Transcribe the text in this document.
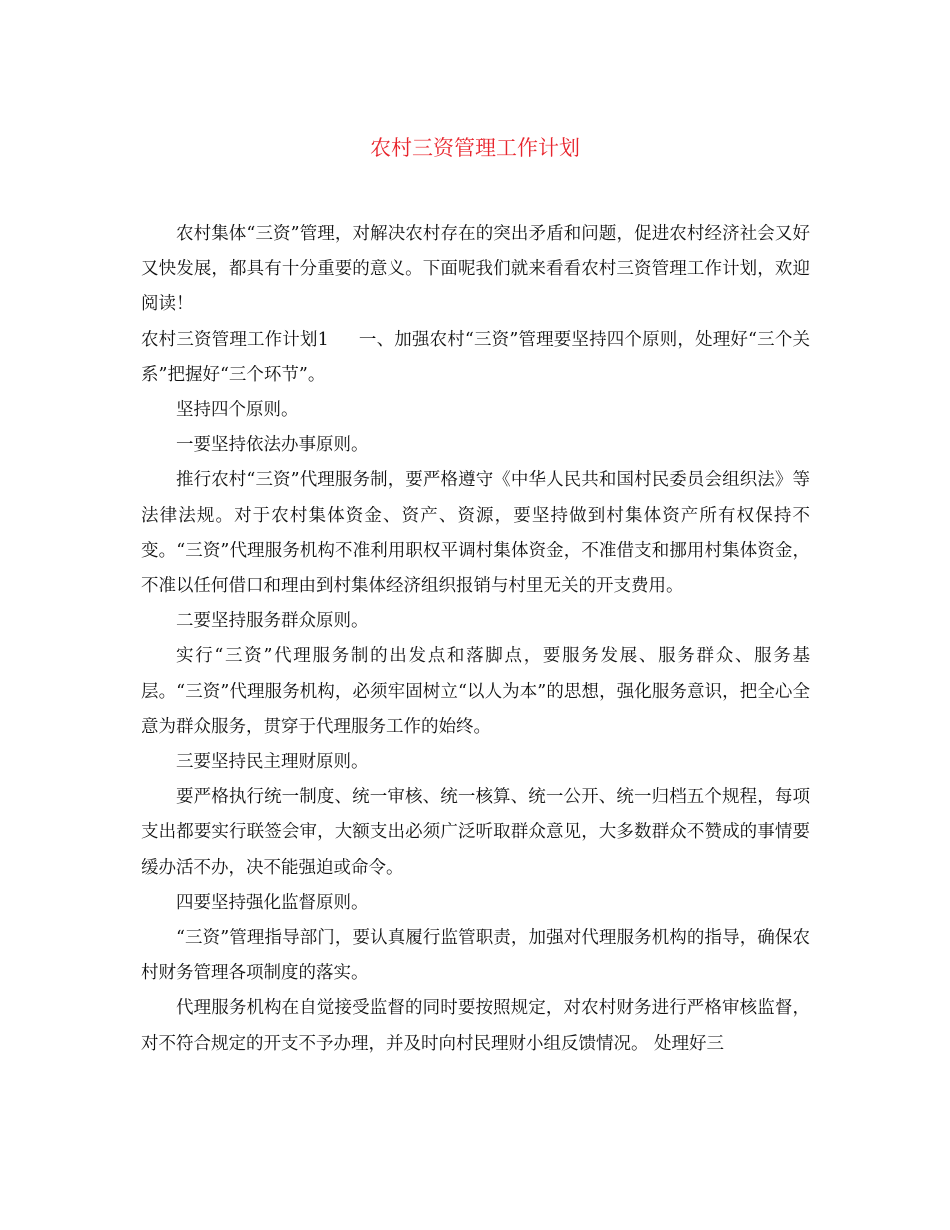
农村三资管理工作计划

农村集体“三资”管理，对解决农村存在的突出矛盾和问题，促进农村经济社会又好又快发展，都具有十分重要的意义。下面呢我们就来看看农村三资管理工作计划，欢迎阅读！

农村三资管理工作计划1 一、加强农村“三资”管理要坚持四个原则，处理好“三个关系”把握好“三个环节”。

坚持四个原则。

一要坚持依法办事原则。

推行农村“三资”代理服务制，要严格遵守《中华人民共和国村民委员会组织法》等法律法规。对于农村集体资金、资产、资源，要坚持做到村集体资产所有权保持不变。“三资”代理服务机构不准利用职权平调村集体资金，不准借支和挪用村集体资金，不准以任何借口和理由到村集体经济组织报销与村里无关的开支费用。

二要坚持服务群众原则。

实行“三资”代理服务制的出发点和落脚点，要服务发展、服务群众、服务基层。“三资”代理服务机构，必须牢固树立“以人为本”的思想，强化服务意识，把全心全意为群众服务，贯穿于代理服务工作的始终。

三要坚持民主理财原则。

要严格执行统一制度、统一审核、统一核算、统一公开、统一归档五个规程，每项支出都要实行联签会审，大额支出必须广泛听取群众意见，大多数群众不赞成的事情要缓办活不办，决不能强迫或命令。

四要坚持强化监督原则。

“三资”管理指导部门，要认真履行监管职责，加强对代理服务机构的指导，确保农村财务管理各项制度的落实。

代理服务机构在自觉接受监督的同时要按照规定，对农村财务进行严格审核监督，对不符合规定的开支不予办理，并及时向村民理财小组反馈情况。 处理好三
